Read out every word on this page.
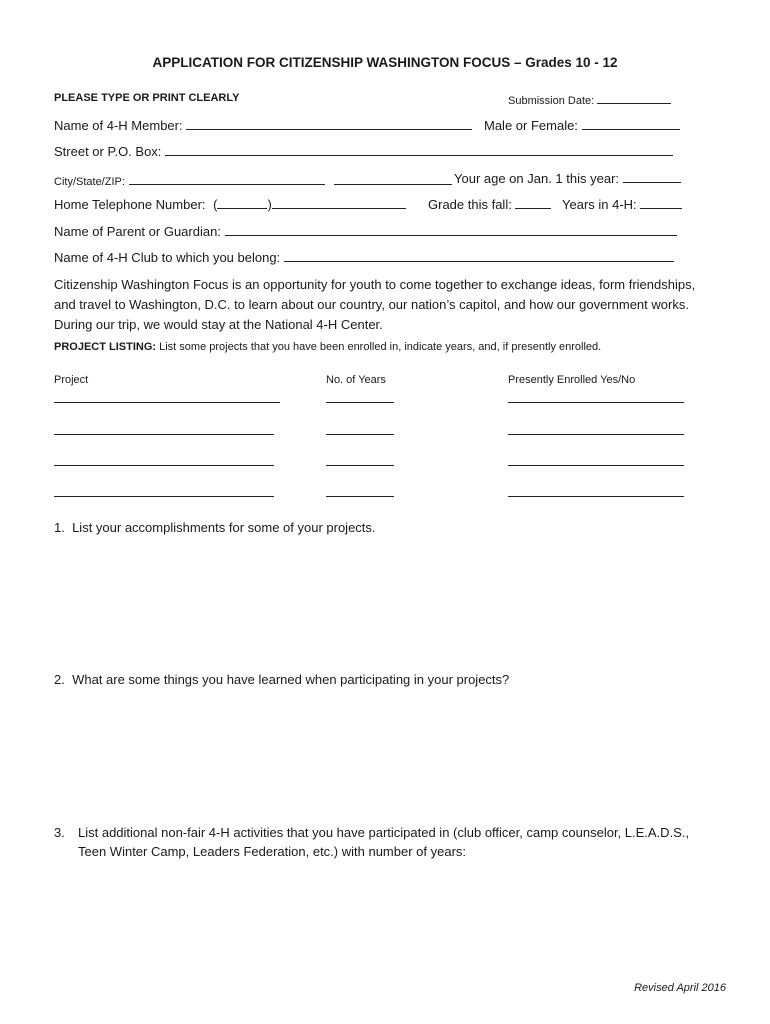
APPLICATION FOR CITIZENSHIP WASHINGTON FOCUS – Grades 10 - 12
PLEASE TYPE OR PRINT CLEARLY	Submission Date:
Name of 4-H Member:	Male or Female:
Street or P.O. Box:
City/State/ZIP:	Your age on Jan. 1 this year:
Home Telephone Number: (	)	Grade this fall:	Years in 4-H:
Name of Parent or Guardian:
Name of 4-H Club to which you belong:
Citizenship Washington Focus is an opportunity for youth to come together to exchange ideas, form friendships, and travel to Washington, D.C. to learn about our country, our nation’s capitol, and how our government works. During our trip, we would stay at the National 4-H Center.
PROJECT LISTING: List some projects that you have been enrolled in, indicate years, and, if presently enrolled.
Project	No. of Years	Presently Enrolled Yes/No
1. List your accomplishments for some of your projects.
2. What are some things you have learned when participating in your projects?
3. List additional non-fair 4-H activities that you have participated in (club officer, camp counselor, L.E.A.D.S., Teen Winter Camp, Leaders Federation, etc.) with number of years:
Revised April 2016
